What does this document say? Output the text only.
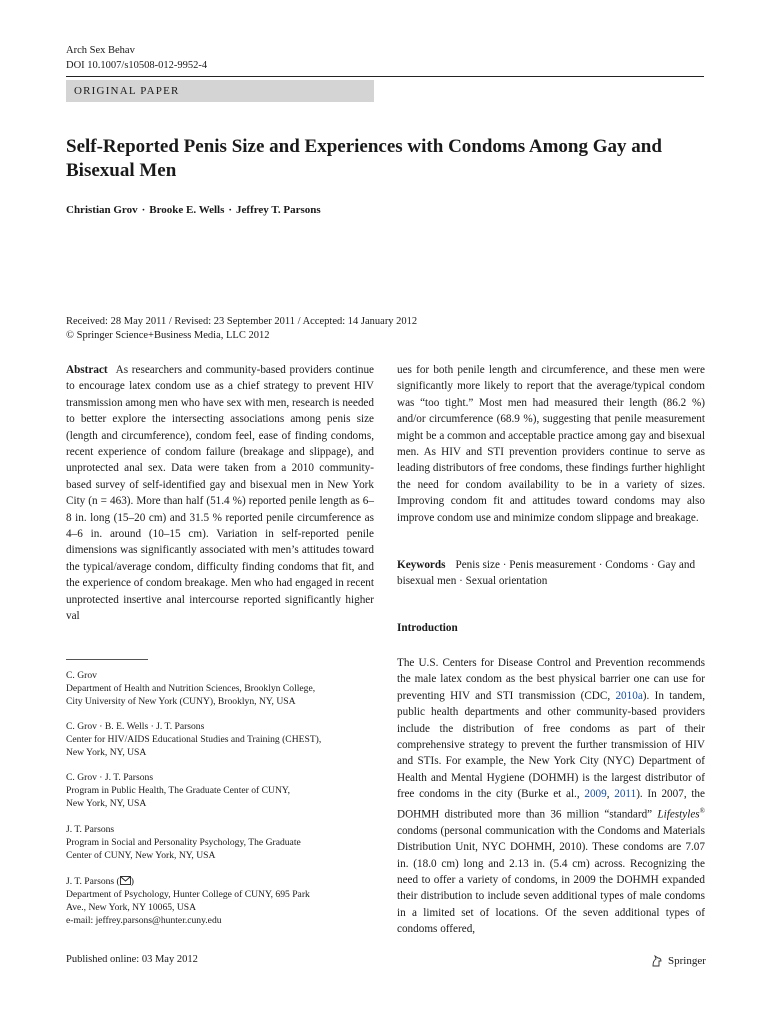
Arch Sex Behav
DOI 10.1007/s10508-012-9952-4
ORIGINAL PAPER
Self-Reported Penis Size and Experiences with Condoms Among Gay and Bisexual Men
Christian Grov · Brooke E. Wells · Jeffrey T. Parsons
Received: 28 May 2011 / Revised: 23 September 2011 / Accepted: 14 January 2012
© Springer Science+Business Media, LLC 2012
Abstract As researchers and community-based providers continue to encourage latex condom use as a chief strategy to prevent HIV transmission among men who have sex with men, research is needed to better explore the intersecting associations among penis size (length and circumference), condom feel, ease of finding condoms, recent experience of condom failure (breakage and slippage), and unprotected anal sex. Data were taken from a 2010 community-based survey of self-identified gay and bisexual men in New York City (n = 463). More than half (51.4 %) reported penile length as 6–8 in. long (15–20 cm) and 31.5 % reported penile circumference as 4–6 in. around (10–15 cm). Variation in self-reported penile dimensions was significantly associated with men’s attitudes toward the typical/average condom, difficulty finding condoms that fit, and the experience of condom breakage. Men who had engaged in recent unprotected insertive anal intercourse reported significantly higher val
ues for both penile length and circumference, and these men were significantly more likely to report that the average/typical condom was “too tight.” Most men had measured their length (86.2 %) and/or circumference (68.9 %), suggesting that penile measurement might be a common and acceptable practice among gay and bisexual men. As HIV and STI prevention providers continue to serve as leading distributors of free condoms, these findings further highlight the need for condom availability to be in a variety of sizes. Improving condom fit and attitudes toward condoms may also improve condom use and minimize condom slippage and breakage.
Keywords Penis size · Penis measurement · Condoms · Gay and bisexual men · Sexual orientation
Introduction
The U.S. Centers for Disease Control and Prevention recommends the male latex condom as the best physical barrier one can use for preventing HIV and STI transmission (CDC, 2010a). In tandem, public health departments and other community-based providers include the distribution of free condoms as part of their comprehensive strategy to prevent the further transmission of HIV and STIs. For example, the New York City (NYC) Department of Health and Mental Hygiene (DOHMH) is the largest distributor of free condoms in the city (Burke et al., 2009, 2011). In 2007, the DOHMH distributed more than 36 million “standard” Lifestyles® condoms (personal communication with the Condoms and Materials Distribution Unit, NYC DOHMH, 2010). These condoms are 7.07 in. (18.0 cm) long and 2.13 in. (5.4 cm) across. Recognizing the need to offer a variety of condoms, in 2009 the DOHMH expanded their distribution to include seven additional types of male condoms in a limited set of locations. Of the seven additional types of condoms offered,
C. Grov
Department of Health and Nutrition Sciences, Brooklyn College,
City University of New York (CUNY), Brooklyn, NY, USA
C. Grov · B. E. Wells · J. T. Parsons
Center for HIV/AIDS Educational Studies and Training (CHEST),
New York, NY, USA
C. Grov · J. T. Parsons
Program in Public Health, The Graduate Center of CUNY,
New York, NY, USA
J. T. Parsons
Program in Social and Personality Psychology, The Graduate
Center of CUNY, New York, NY, USA
J. T. Parsons ( )
Department of Psychology, Hunter College of CUNY, 695 Park
Ave., New York, NY 10065, USA
e-mail: jeffrey.parsons@hunter.cuny.edu
Published online: 03 May 2012	Springer
